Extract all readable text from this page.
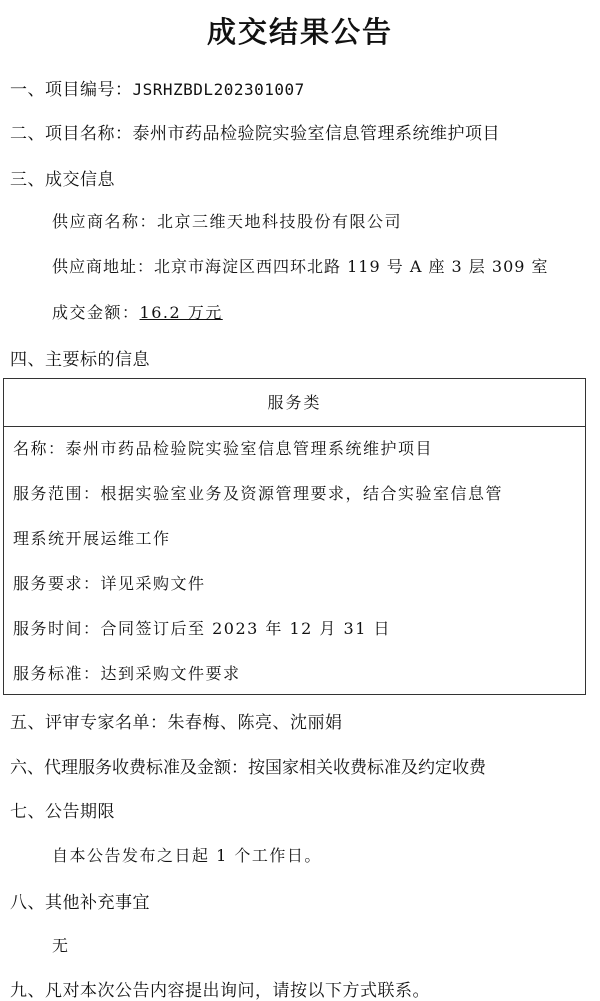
成交结果公告
一、项目编号：JSRHZBDL202301007
二、项目名称：泰州市药品检验院实验室信息管理系统维护项目
三、成交信息
供应商名称：北京三维天地科技股份有限公司
供应商地址：北京市海淀区西四环北路 119 号 A 座 3 层 309 室
成交金额：16.2 万元
四、主要标的信息
服务类
名称：泰州市药品检验院实验室信息管理系统维护项目
服务范围：根据实验室业务及资源管理要求，结合实验室信息管
理系统开展运维工作
服务要求：详见采购文件
服务时间：合同签订后至 2023 年 12 月 31 日
服务标准：达到采购文件要求
五、评审专家名单：朱春梅、陈亮、沈丽娟
六、代理服务收费标准及金额：按国家相关收费标准及约定收费
七、公告期限
自本公告发布之日起 1 个工作日。
八、其他补充事宜
无
九、凡对本次公告内容提出询问，请按以下方式联系。
